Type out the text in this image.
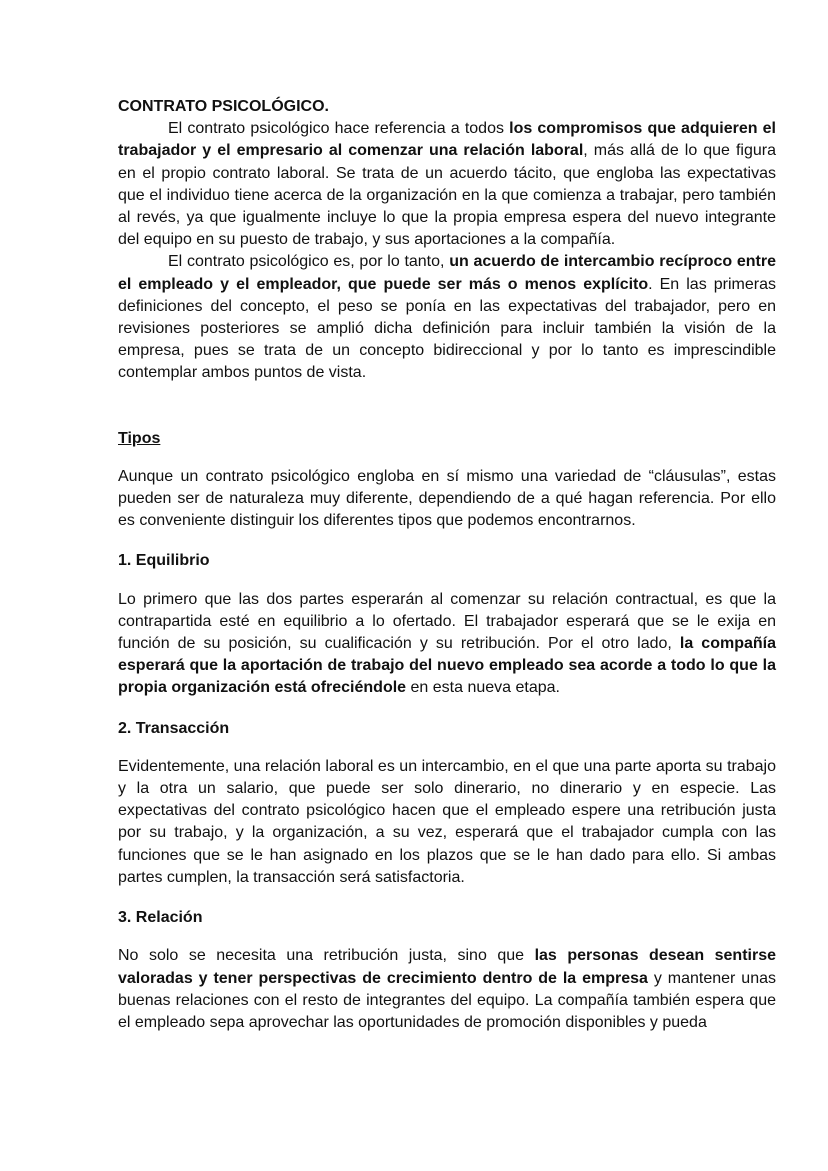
CONTRATO PSICOLÓGICO.

El contrato psicológico hace referencia a todos los compromisos que adquieren el trabajador y el empresario al comenzar una relación laboral, más allá de lo que figura en el propio contrato laboral. Se trata de un acuerdo tácito, que engloba las expectativas que el individuo tiene acerca de la organización en la que comienza a trabajar, pero también al revés, ya que igualmente incluye lo que la propia empresa espera del nuevo integrante del equipo en su puesto de trabajo, y sus aportaciones a la compañía.

El contrato psicológico es, por lo tanto, un acuerdo de intercambio recíproco entre el empleado y el empleador, que puede ser más o menos explícito. En las primeras definiciones del concepto, el peso se ponía en las expectativas del trabajador, pero en revisiones posteriores se amplió dicha definición para incluir también la visión de la empresa, pues se trata de un concepto bidireccional y por lo tanto es imprescindible contemplar ambos puntos de vista.

Tipos

Aunque un contrato psicológico engloba en sí mismo una variedad de “cláusulas”, estas pueden ser de naturaleza muy diferente, dependiendo de a qué hagan referencia. Por ello es conveniente distinguir los diferentes tipos que podemos encontrarnos.

1. Equilibrio

Lo primero que las dos partes esperarán al comenzar su relación contractual, es que la contrapartida esté en equilibrio a lo ofertado. El trabajador esperará que se le exija en función de su posición, su cualificación y su retribución. Por el otro lado, la compañía esperará que la aportación de trabajo del nuevo empleado sea acorde a todo lo que la propia organización está ofreciéndole en esta nueva etapa.

2. Transacción

Evidentemente, una relación laboral es un intercambio, en el que una parte aporta su trabajo y la otra un salario, que puede ser solo dinerario, no dinerario y en especie. Las expectativas del contrato psicológico hacen que el empleado espere una retribución justa por su trabajo, y la organización, a su vez, esperará que el trabajador cumpla con las funciones que se le han asignado en los plazos que se le han dado para ello. Si ambas partes cumplen, la transacción será satisfactoria.

3. Relación

No solo se necesita una retribución justa, sino que las personas desean sentirse valoradas y tener perspectivas de crecimiento dentro de la empresa y mantener unas buenas relaciones con el resto de integrantes del equipo. La compañía también espera que el empleado sepa aprovechar las oportunidades de promoción disponibles y pueda
